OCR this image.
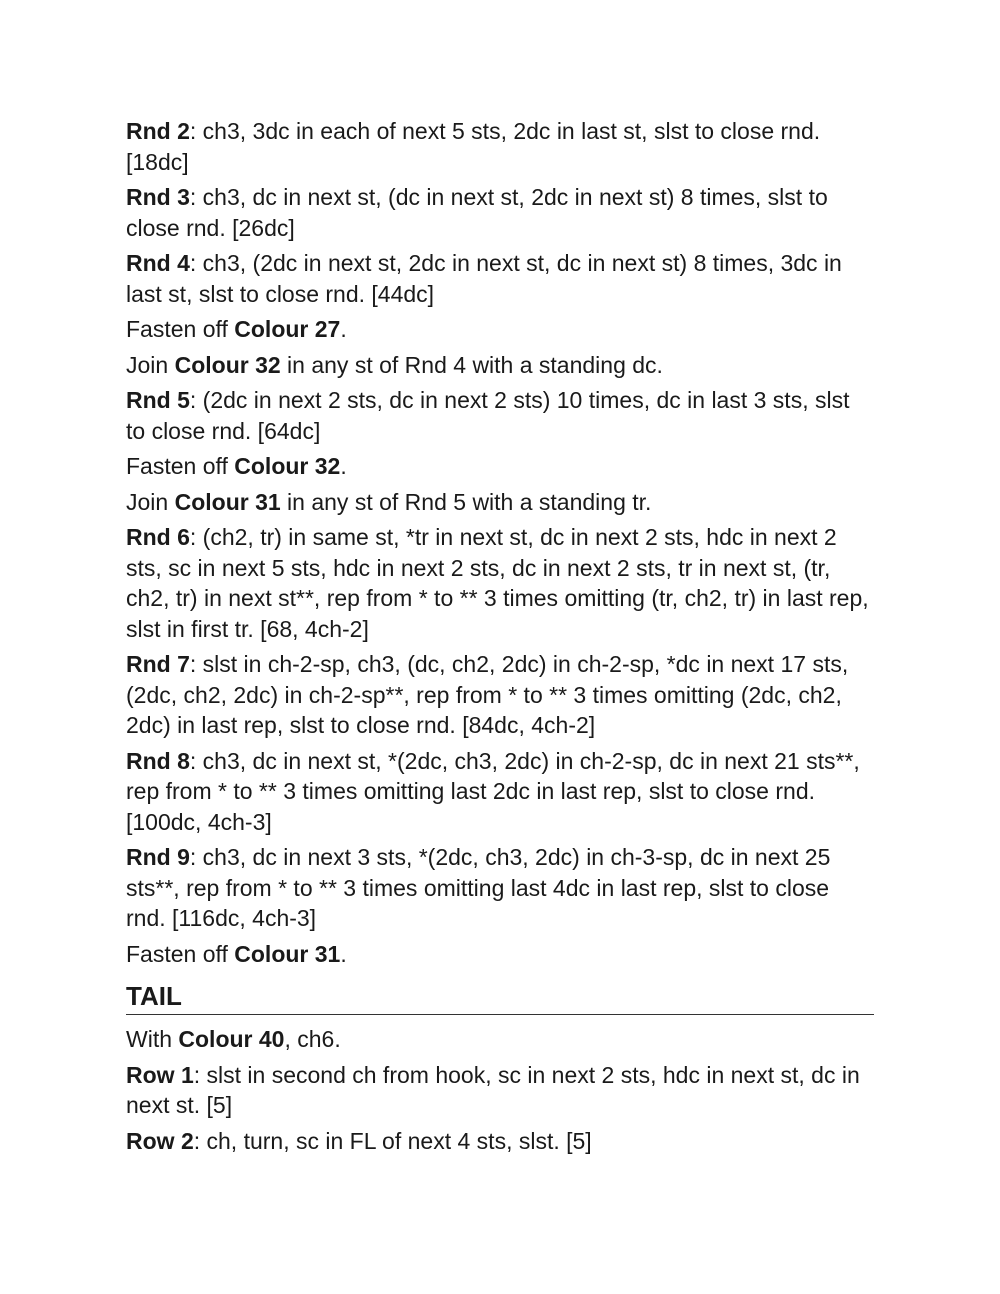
Rnd 2: ch3, 3dc in each of next 5 sts, 2dc in last st, slst to close rnd. [18dc]

Rnd 3: ch3, dc in next st, (dc in next st, 2dc in next st) 8 times, slst to close rnd. [26dc]

Rnd 4: ch3, (2dc in next st, 2dc in next st, dc in next st) 8 times, 3dc in last st, slst to close rnd. [44dc]

Fasten off Colour 27.

Join Colour 32 in any st of Rnd 4 with a standing dc.

Rnd 5: (2dc in next 2 sts, dc in next 2 sts) 10 times, dc in last 3 sts, slst to close rnd. [64dc]

Fasten off Colour 32.

Join Colour 31 in any st of Rnd 5 with a standing tr.

Rnd 6: (ch2, tr) in same st, *tr in next st, dc in next 2 sts, hdc in next 2 sts, sc in next 5 sts, hdc in next 2 sts, dc in next 2 sts, tr in next st, (tr, ch2, tr) in next st**, rep from * to ** 3 times omitting (tr, ch2, tr) in last rep, slst in first tr. [68, 4ch-2]

Rnd 7: slst in ch-2-sp, ch3, (dc, ch2, 2dc) in ch-2-sp, *dc in next 17 sts, (2dc, ch2, 2dc) in ch-2-sp**, rep from * to ** 3 times omitting (2dc, ch2, 2dc) in last rep, slst to close rnd. [84dc, 4ch-2]

Rnd 8: ch3, dc in next st, *(2dc, ch3, 2dc) in ch-2-sp, dc in next 21 sts**, rep from * to ** 3 times omitting last 2dc in last rep, slst to close rnd. [100dc, 4ch-3]

Rnd 9: ch3, dc in next 3 sts, *(2dc, ch3, 2dc) in ch-3-sp, dc in next 25 sts**, rep from * to ** 3 times omitting last 4dc in last rep, slst to close rnd. [116dc, 4ch-3]

Fasten off Colour 31.

TAIL

With Colour 40, ch6.

Row 1: slst in second ch from hook, sc in next 2 sts, hdc in next st, dc in next st. [5]

Row 2: ch, turn, sc in FL of next 4 sts, slst. [5]
